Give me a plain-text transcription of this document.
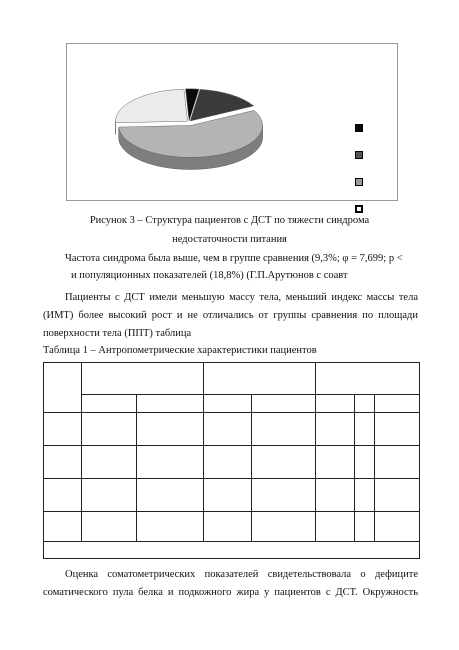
Рисунок 3 – Структура пациентов с ДСТ по тяжести синдрома
недостаточности питания
Частота синдрома была выше, чем в группе сравнения (9,3%; φ = 7,699; р <
и популяционных показателей (18,8%) (Г.П.Арутюнов с соавт
Пациенты с ДСТ имели меньшую массу тела, меньший индекс массы тела
(ИМТ) более высокий рост и не отличались от группы сравнения по площади
поверхности тела (ППТ) таблица
Таблица 1 – Антропометрические характеристики пациентов

Оценка соматометрических показателей свидетельствовала о дефиците
соматического пула белка и подкожного жира у пациентов с ДСТ. Окружность
